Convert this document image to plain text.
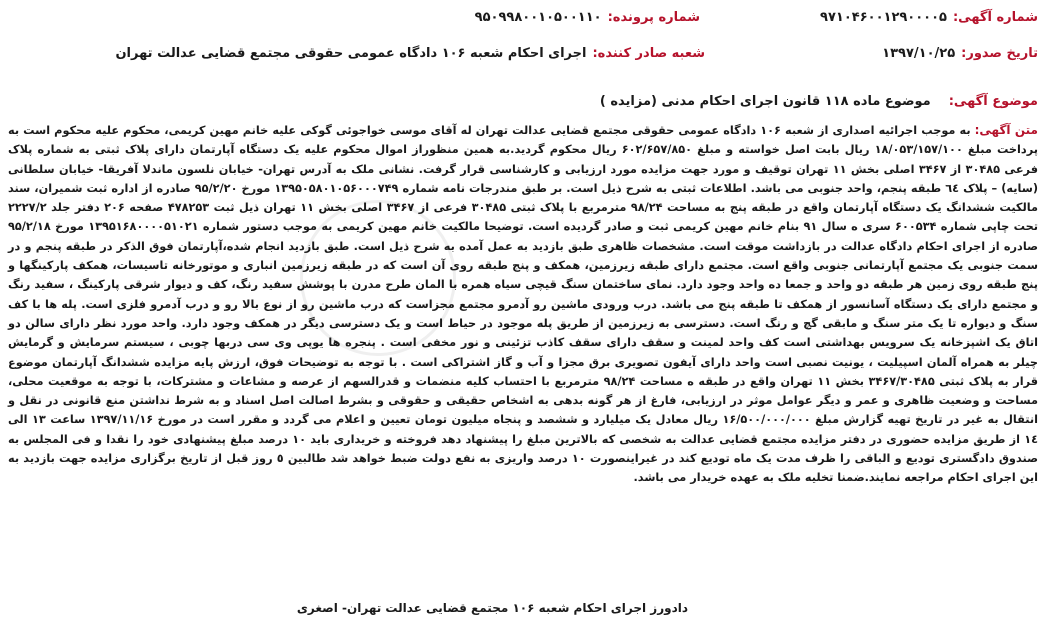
شماره آگهی:۹۷۱۰۴۶۰۰۱۲۹۰۰۰۰۵
شماره پرونده:۹۵۰۹۹۸۰۰۱۰۵۰۰۱۱۰
تاریخ صدور:۱۳۹۷/۱۰/۲۵
شعبه صادر کننده:اجرای احکام شعبه ۱۰۶ دادگاه عمومی حقوقی مجتمع قضایی عدالت تهران
موضوع آگهی:موضوع ماده ۱۱۸ قانون اجرای احکام مدنی (مزایده )
متن آگهی:به موجب اجرائیه اصداری از شعبه ۱۰۶ دادگاه عمومی حقوقی مجتمع قضایی عدالت تهران له آقای موسی خواجوئی گوکی علیه خانم مهین کریمی، محکوم علیه محکوم است به پرداخت مبلغ ۱۸/۰۵۳/۱۵۷/۱۰۰ ریال بابت اصل خواسته و مبلغ ۶۰۲/۶۵۷/۸۵۰ ریال محکوم گردید.به همین منظوراز اموال محکوم علیه یک دستگاه آپارتمان دارای پلاک ثبتی به شماره پلاک فرعی ۳۰۴۸۵ از ۳۴۶۷ اصلی بخش ۱۱ تهران توقیف و مورد جهت مزایده مورد ارزیابی و کارشناسی قرار گرفت. نشانی ملک به آدرس تهران- خیابان نلسون ماندلا آفریقا- خیابان سلطانی (سایه) – پلاک ٦٤ طبقه پنجم، واحد جنوبی می باشد. اطلاعات ثبتی به شرح ذیل است. بر طبق مندرجات نامه شماره ۱۳۹۵۰۵۸۰۱۰۵۶۰۰۰۷۴۹ مورخ ۹۵/۲/۲۰ صادره از اداره ثبت شمیران، سند مالکیت ششدانگ یک دستگاه آپارتمان واقع در طبقه پنج به مساحت ۹۸/۲۴ مترمربع با پلاک ثبتی ۳۰۴۸۵ فرعی از ۳۴۶۷ اصلی بخش ۱۱ تهران ذیل ثبت ۴۷۸۲۵۳ صفحه ۲۰۶ دفتر جلد ۲۲۲۷/۲ تحت چاپی شماره ۶۰۰۵۳۴ سری ه سال ۹۱ بنام خانم مهین کریمی ثبت و صادر گردیده است. توضیحا مالکیت خانم مهین کریمی به موجب دستور شماره ۱۳۹۵۱۶۸۰۰۰۰۵۱۰۲۱ مورخ ۹۵/۲/۱۸ صادره از اجرای احکام دادگاه عدالت در بازداشت موقت است. مشخصات ظاهری طبق بازدید به عمل آمده به شرح ذیل است. طبق بازدید انجام شده،آپارتمان فوق الذکر در طبقه پنجم و در سمت جنوبی یک مجتمع آپارتمانی جنوبی واقع است. مجتمع دارای طبقه زیرزمین، همکف و پنج طبقه روی آن است که در طبقه زیرزمین انباری و موتورخانه تاسیسات، همکف پارکینگها و پنج طبقه روی زمین هر طبقه دو واحد و جمعا ده واحد وجود دارد. نمای ساختمان سنگ قیچی سیاه همره با المان طرح مدرن با پوشش سفید رنگ، کف و دیوار شرقی پارکینگ ، سفید رنگ و مجتمع دارای یک دستگاه آسانسور از همکف تا طبقه پنج می باشد. درب ورودی ماشین رو آدمرو مجتمع مجزاست که درب ماشین رو از نوع بالا رو و درب آدمرو فلزی است. پله ها با کف سنگ و دیواره تا یک متر سنگ و مابقی گچ و رنگ است. دسترسی به زیرزمین از طریق پله موجود در حیاط است و یک دسترسی دیگر در همکف وجود دارد. واحد مورد نظر دارای سالن دو اتاق یک اشپزخانه یک سرویس بهداشتی است کف واحد لمینت و سقف دارای سقف کاذب تزئینی و نور مخفی است . پنجره ها یوپی وی سی دربها چوبی ، سیستم سرمایش و گرمایش چیلر به همراه آلمان اسپیلیت ، یونیت نصبی است واحد دارای آیفون تصویری برق مجزا و آب و گاز اشتراکی است . با توجه به توضیحات فوق، ارزش پایه مزایده ششدانگ آپارتمان موضوع قرار به پلاک ثبتی ۳۴۶۷/۳۰۴۸۵ بخش ۱۱ تهران واقع در طبقه ه مساحت ۹۸/۲۴ مترمربع با احتساب کلیه منضمات و قدرالسهم از عرصه و مشاعات و مشترکات، با توجه به موقعیت محلی، مساحت و وضعیت ظاهری و عمر و دیگر عوامل موثر در ارزیابی، فارغ از هر گونه بدهی به اشخاص حقیقی و حقوقی و بشرط اصالت اصل اسناد و به شرط نداشتن منع قانونی در نقل و انتقال به غیر در تاریخ تهیه گزارش مبلغ ۱۶/۵۰۰/۰۰۰/۰۰۰ ریال معادل یک میلیارد و ششصد و پنجاه میلیون تومان تعیین و اعلام می گردد و مقرر است در مورخ ۱۳۹۷/۱۱/۱۶ ساعت ۱۳ الی ۱٤ از طریق مزایده حضوری در دفتر مزایده مجتمع قضایی عدالت به شخصی که بالاترین مبلغ را پیشنهاد دهد فروخته و خریداری باید ۱۰ درصد مبلغ پیشنهادی خود را نقدا و فی المجلس به صندوق دادگستری تودیع و الباقی را ظرف مدت یک ماه تودیع کند در غیراینصورت ۱۰ درصد واریزی به نفع دولت ضبط خواهد شد طالبین ٥ روز قبل از تاریخ برگزاری مزایده جهت بازدید به این اجرای احکام مراجعه نمایند.ضمنا تخلیه ملک به عهده خریدار می باشد.
دادورز اجرای احکام شعبه ۱۰۶ مجتمع قضایی عدالت تهران- اصغری
